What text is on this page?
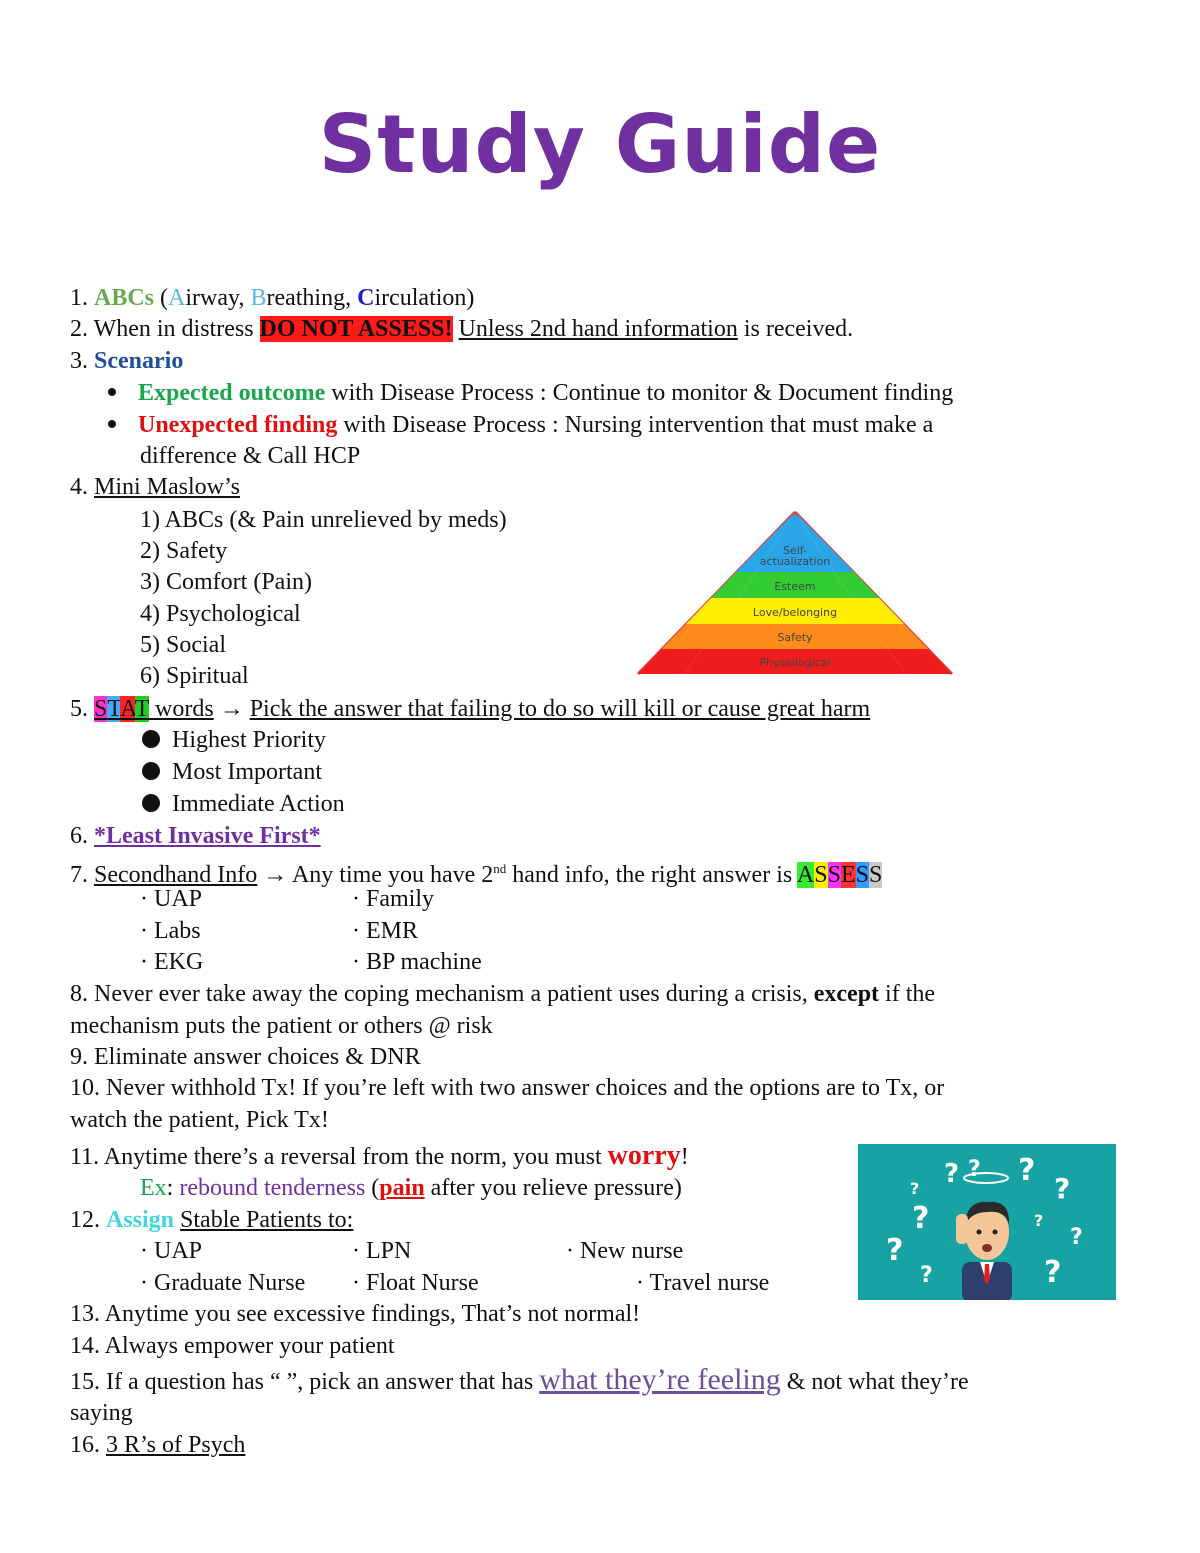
Study Guide
1. ABCs (Airway, Breathing, Circulation)
2. When in distress DO NOT ASSESS! Unless 2nd hand information is received.
3. Scenario
Expected outcome with Disease Process : Continue to monitor & Document finding
Unexpected finding with Disease Process : Nursing intervention that must make a
difference & Call HCP
4. Mini Maslow’s
1) ABCs (& Pain unrelieved by meds)
2) Safety
3) Comfort (Pain)
4) Psychological
5) Social
6) Spiritual
Self-
actualization
Esteem
Love/belonging
Safety
Physiological
5. STAT words → Pick the answer that failing to do so will kill or cause great harm
Highest Priority
Most Important
Immediate Action
6. *Least Invasive First*
7. Secondhand Info → Any time you have 2nd hand info, the right answer is ASSESS
· UAP	· Family
· Labs	· EMR
· EKG	· BP machine
8. Never ever take away the coping mechanism a patient uses during a crisis, except if the
mechanism puts the patient or others @ risk
9. Eliminate answer choices & DNR
10. Never withhold Tx! If you’re left with two answer choices and the options are to Tx, or
watch the patient, Pick Tx!
11. Anytime there’s a reversal from the norm, you must worry!
Ex: rebound tenderness (pain after you relieve pressure)
12. Assign Stable Patients to:
· UAP	· LPN	· New nurse
· Graduate Nurse · Float Nurse	· Travel nurse
? ? ?
?	?
?	?
?	?
?	?
13. Anytime you see excessive findings, That’s not normal!
14. Always empower your patient
15. If a question has “ ”, pick an answer that has what they’re feeling & not what they’re
saying
16. 3 R’s of Psych
